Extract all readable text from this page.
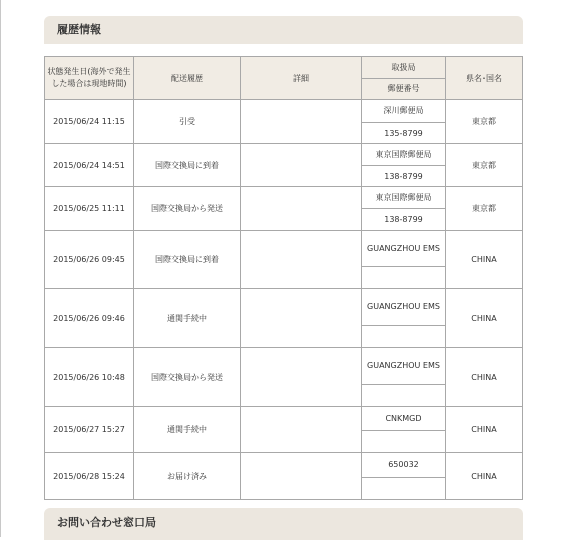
履歴情報
状態発生日(海外で発生した場合は現地時間)	配送履歴	詳細	取扱局	県名･国名
			郵便番号	
2015/06/24 11:15	引受		深川郵便局	東京都
			135-8799	
2015/06/24 14:51	国際交換局に到着		東京国際郵便局	東京都
			138-8799	
2015/06/25 11:11	国際交換局から発送		東京国際郵便局	東京都
			138-8799	
2015/06/26 09:45	国際交換局に到着		GUANGZHOU EMS	CHINA

2015/06/26 09:46	通関手続中		GUANGZHOU EMS	CHINA

2015/06/26 10:48	国際交換局から発送		GUANGZHOU EMS	CHINA

2015/06/27 15:27	通関手続中		CNKMGD	CHINA

2015/06/28 15:24	お届け済み		650032	CHINA

お問い合わせ窓口局
